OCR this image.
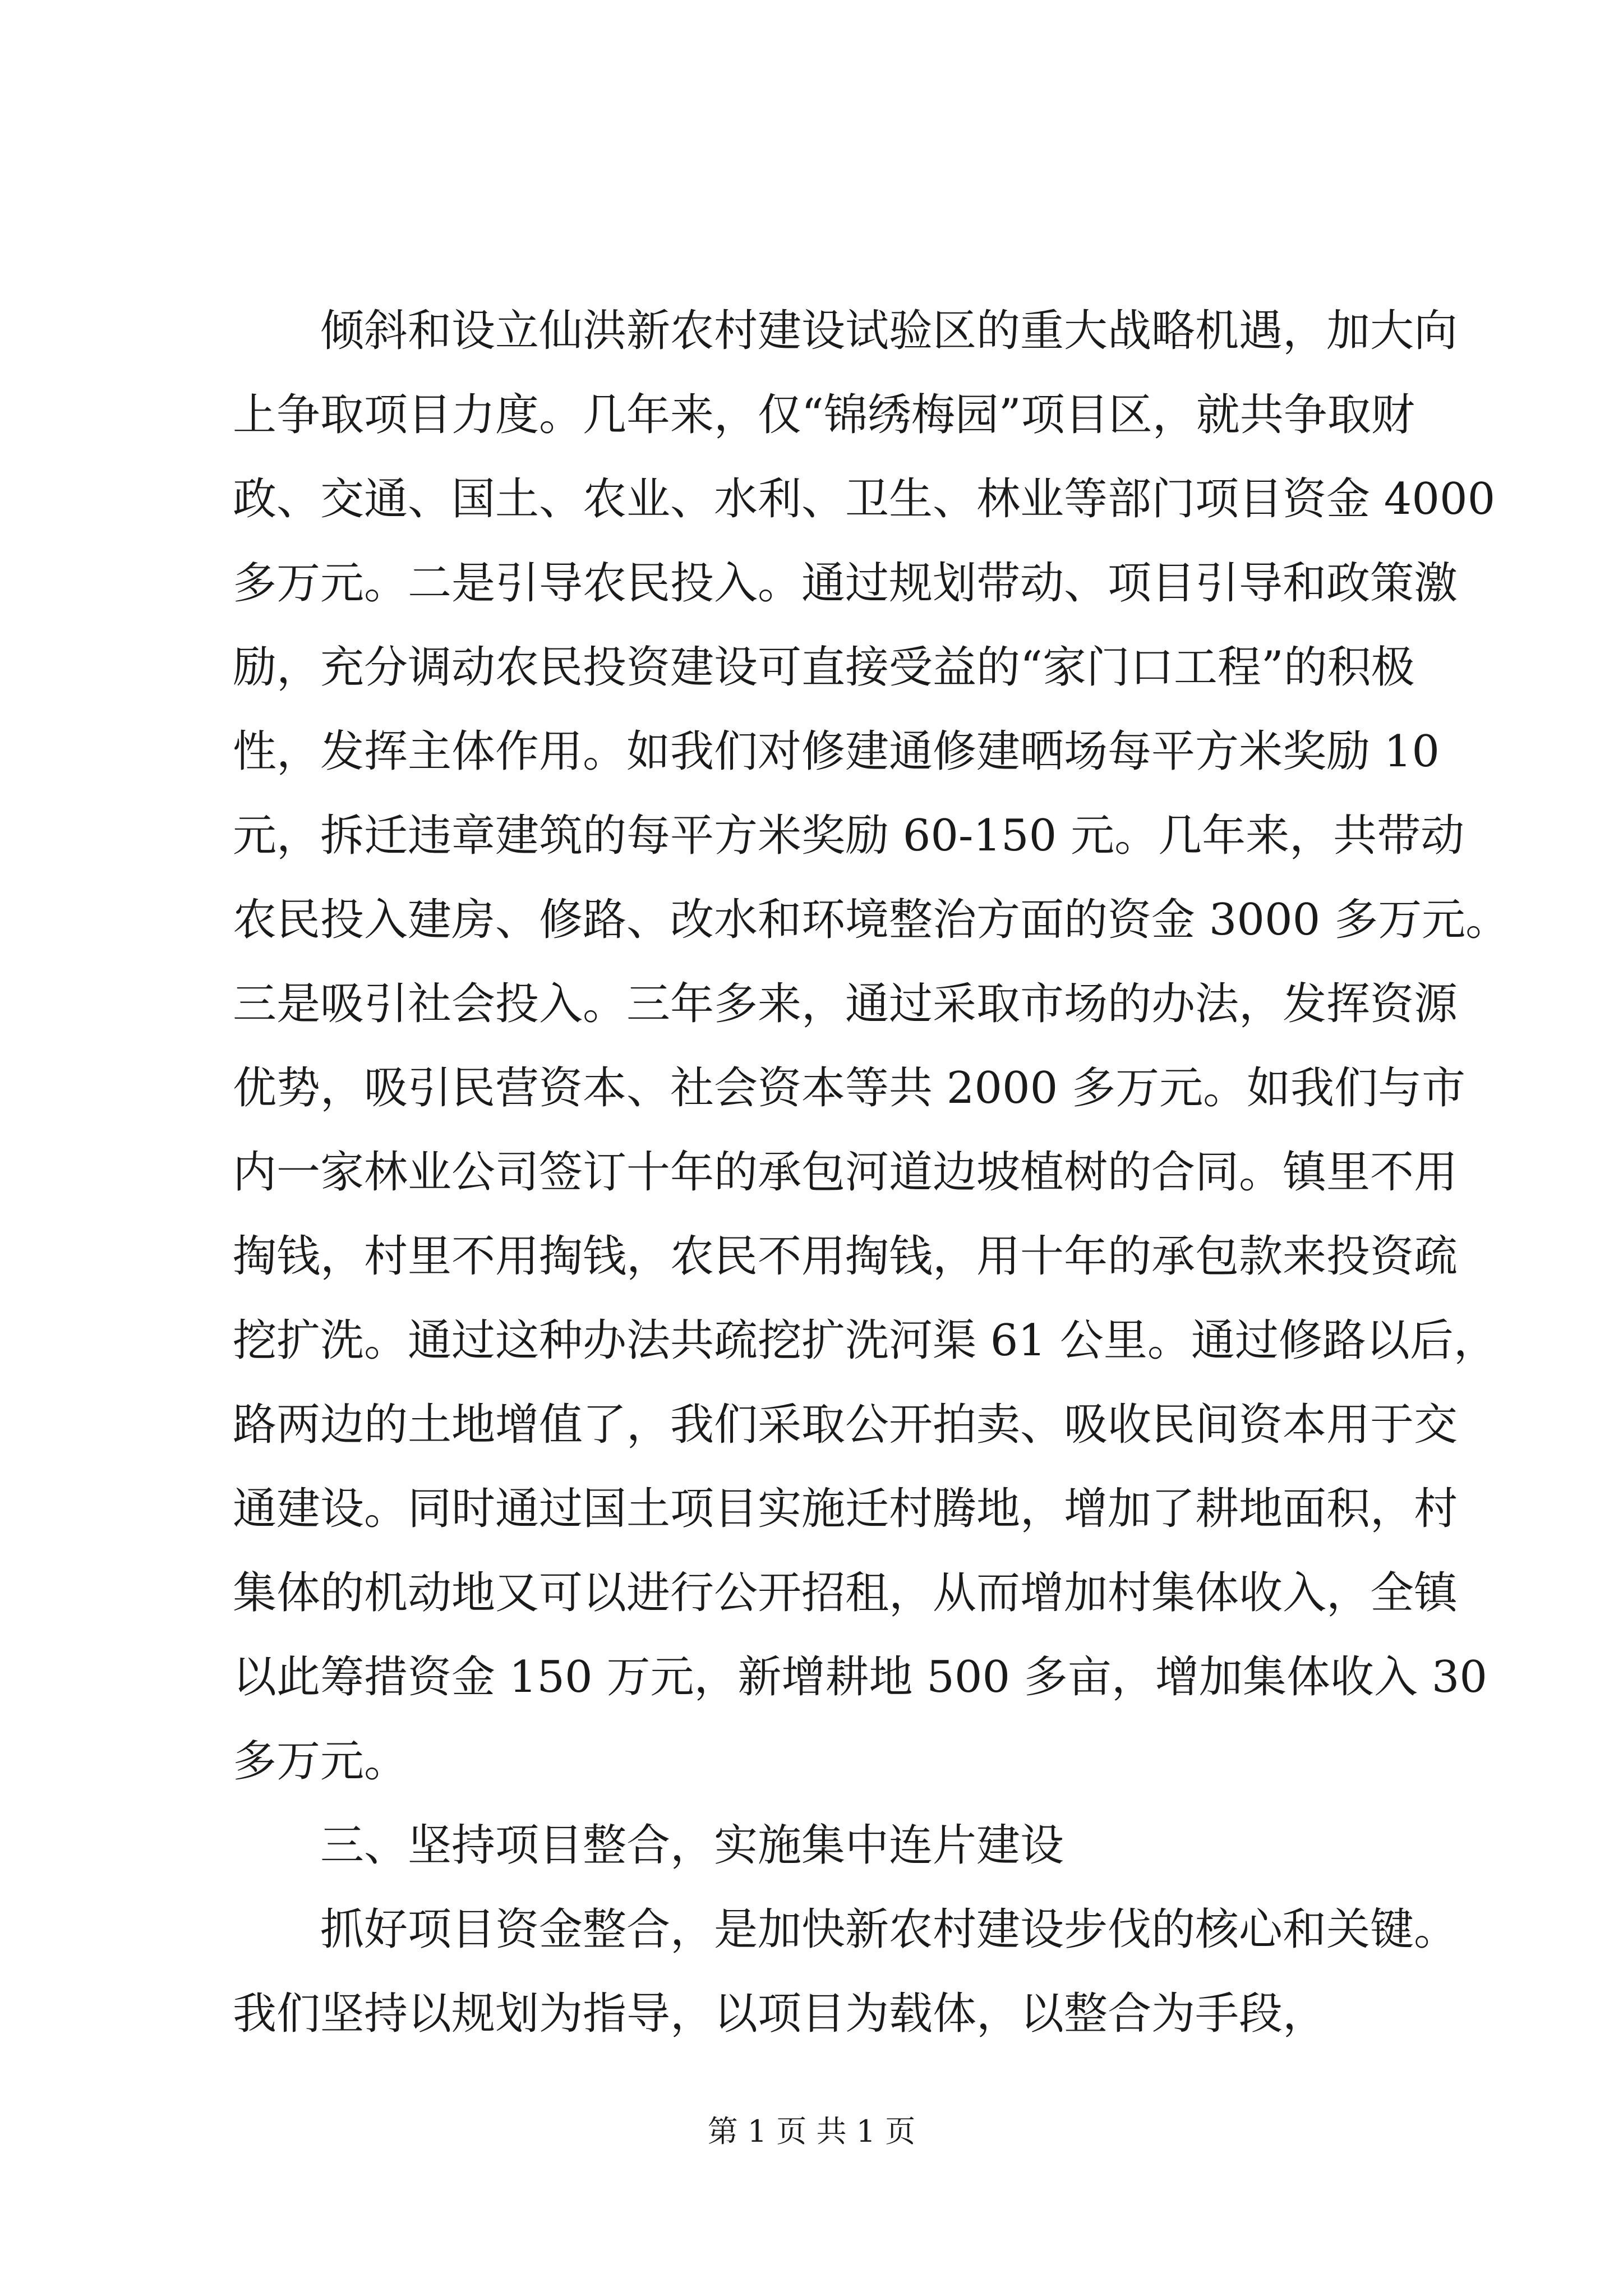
倾斜和设立仙洪新农村建设试验区的重大战略机遇，加大向
上争取项目力度。几年来，仅“锦绣梅园”项目区，就共争取财
政、交通、国土、农业、水利、卫生、林业等部门项目资金 4000
多万元。二是引导农民投入。通过规划带动、项目引导和政策激
励，充分调动农民投资建设可直接受益的“家门口工程”的积极
性，发挥主体作用。如我们对修建通修建晒场每平方米奖励 10
元，拆迁违章建筑的每平方米奖励 60-150 元。几年来，共带动
农民投入建房、修路、改水和环境整治方面的资金 3000 多万元。
三是吸引社会投入。三年多来，通过采取市场的办法，发挥资源
优势，吸引民营资本、社会资本等共 2000 多万元。如我们与市
内一家林业公司签订十年的承包河道边坡植树的合同。镇里不用
掏钱，村里不用掏钱，农民不用掏钱，用十年的承包款来投资疏
挖扩洗。通过这种办法共疏挖扩洗河渠 61 公里。通过修路以后，
路两边的土地增值了，我们采取公开拍卖、吸收民间资本用于交
通建设。同时通过国土项目实施迁村腾地，增加了耕地面积，村
集体的机动地又可以进行公开招租，从而增加村集体收入，全镇
以此筹措资金 150 万元，新增耕地 500 多亩，增加集体收入 30
多万元。
三、坚持项目整合，实施集中连片建设
抓好项目资金整合，是加快新农村建设步伐的核心和关键。
我们坚持以规划为指导，以项目为载体，以整合为手段，
第 1 页 共 1 页
